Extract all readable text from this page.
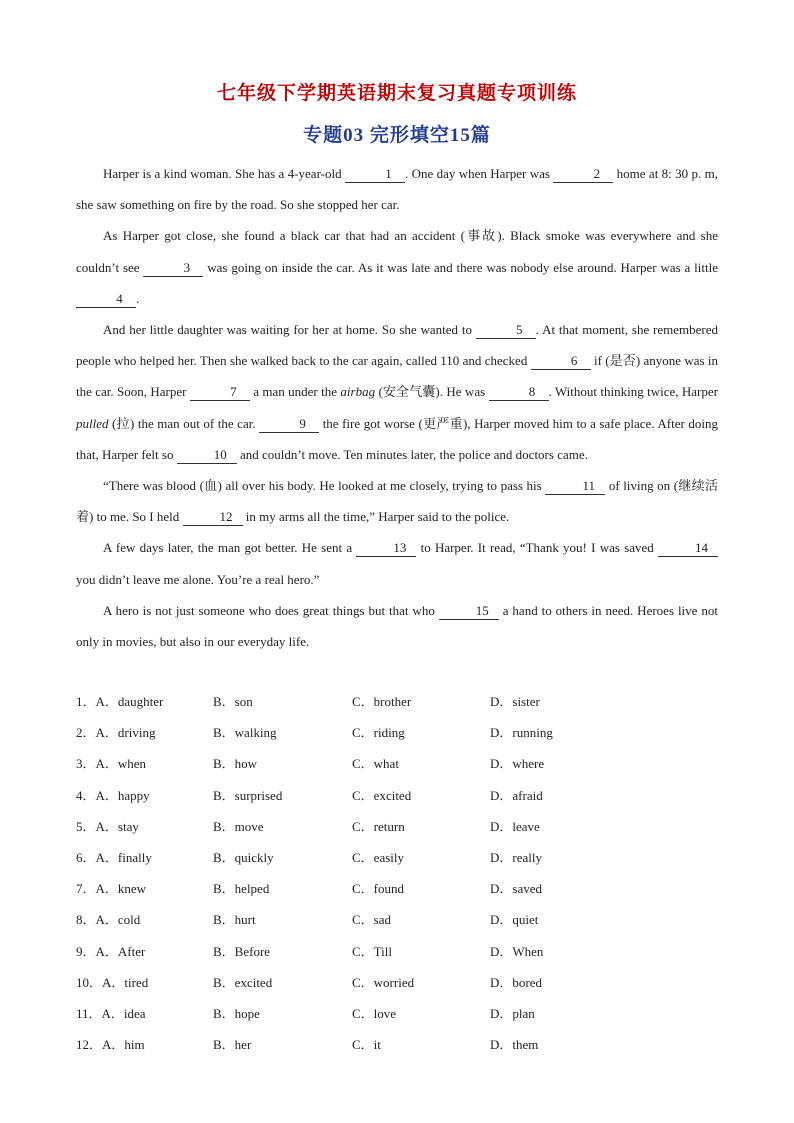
七年级下学期英语期末复习真题专项训练
专题03 完形填空15篇

Harper is a kind woman. She has a 4-year-old	1 . One day when Harper was	2 home at 8: 30 p. m, she saw something on fire by the road. So she stopped her car.

As Harper got close, she found a black car that had an accident (事故). Black smoke was everywhere and she couldn’t see	3 was going on inside the car. As it was late and there was nobody else around. Harper was a little 4 .

And her little daughter was waiting for her at home. So she wanted to	5 . At that moment, she remembered people who helped her. Then she walked back to the car again, called 110 and checked	6 if (是否) anyone was in the car. Soon, Harper	7 a man under the airbag (安全气囊). He was	8 . Without thinking twice, Harper pulled (拉) the man out of the car.	9 the fire got worse (更严重), Harper moved him to a safe place. After doing that, Harper felt so	10 and couldn’t move. Ten minutes later, the police and doctors came.

“There was blood (血) all over his body. He looked at me closely, trying to pass his	11 of living on (继续活着) to me. So I held	12 in my arms all the time,” Harper said to the police.

A few days later, the man got better. He sent a	13 to Harper. It read, “Thank you! I was saved	14 you didn’t leave me alone. You’re a real hero.”

A hero is not just someone who does great things but that who	15 a hand to others in need. Heroes live not only in movies, but also in our everyday life.

1．A．daughter	B．son	C．brother	D．sister
2．A．driving	B．walking	C．riding	D．running
3．A．when	B．how	C．what	D．where
4．A．happy	B．surprised	C．excited	D．afraid
5．A．stay	B．move	C．return	D．leave
6．A．finally	B．quickly	C．easily	D．really
7．A．knew	B．helped	C．found	D．saved
8．A．cold	B．hurt	C．sad	D．quiet
9．A．After	B．Before	C．Till	D．When
10．A．tired	B．excited	C．worried	D．bored
11．A．idea	B．hope	C．love	D．plan
12．A．him	B．her	C．it	D．them
